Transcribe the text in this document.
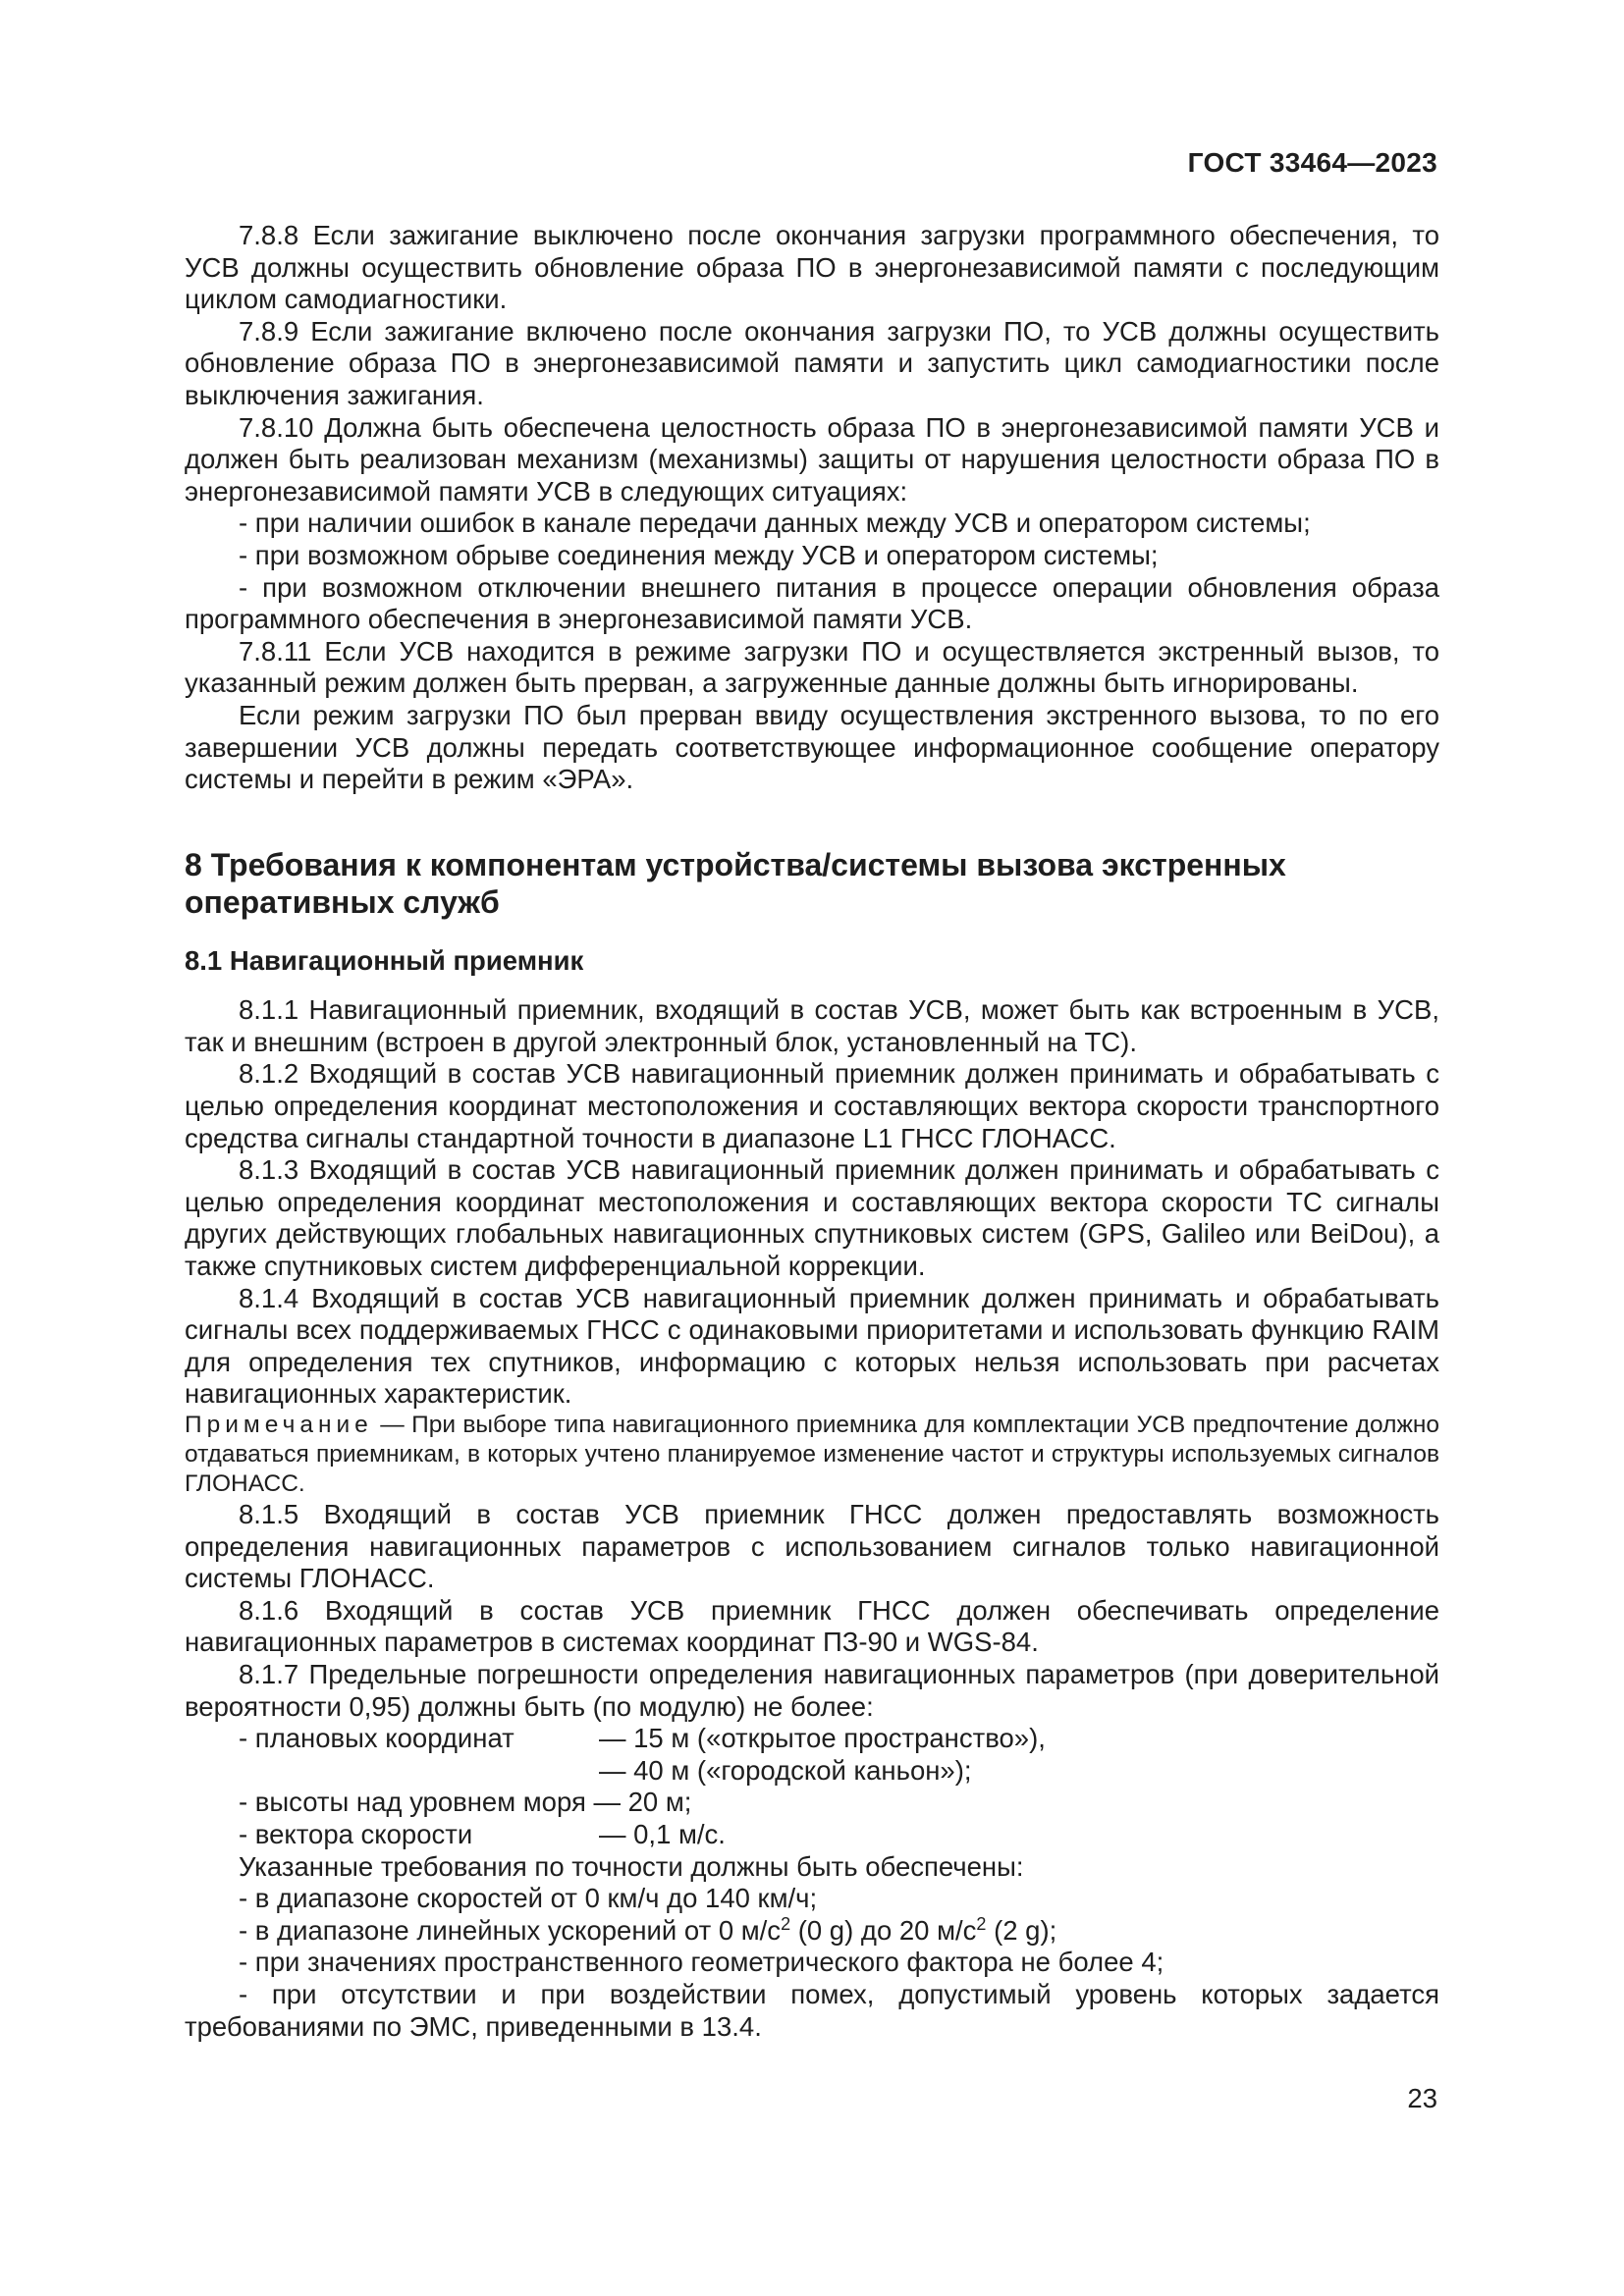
ГОСТ 33464—2023

7.8.8 Если зажигание выключено после окончания загрузки программного обеспечения, то УСВ должны осуществить обновление образа ПО в энергонезависимой памяти с последующим циклом самодиагностики.

7.8.9 Если зажигание включено после окончания загрузки ПО, то УСВ должны осуществить обновление образа ПО в энергонезависимой памяти и запустить цикл самодиагностики после выключения зажигания.

7.8.10 Должна быть обеспечена целостность образа ПО в энергонезависимой памяти УСВ и должен быть реализован механизм (механизмы) защиты от нарушения целостности образа ПО в энергонезависимой памяти УСВ в следующих ситуациях:

- при наличии ошибок в канале передачи данных между УСВ и оператором системы;

- при возможном обрыве соединения между УСВ и оператором системы;

- при возможном отключении внешнего питания в процессе операции обновления образа программного обеспечения в энергонезависимой памяти УСВ.

7.8.11 Если УСВ находится в режиме загрузки ПО и осуществляется экстренный вызов, то указанный режим должен быть прерван, а загруженные данные должны быть игнорированы.

Если режим загрузки ПО был прерван ввиду осуществления экстренного вызова, то по его завершении УСВ должны передать соответствующее информационное сообщение оператору системы и перейти в режим «ЭРА».

8 Требования к компонентам устройства/системы вызова экстренных оперативных служб
8.1 Навигационный приемник

8.1.1 Навигационный приемник, входящий в состав УСВ, может быть как встроенным в УСВ, так и внешним (встроен в другой электронный блок, установленный на ТС).

8.1.2 Входящий в состав УСВ навигационный приемник должен принимать и обрабатывать с целью определения координат местоположения и составляющих вектора скорости транспортного средства сигналы стандартной точности в диапазоне L1 ГНСС ГЛОНАСС.

8.1.3 Входящий в состав УСВ навигационный приемник должен принимать и обрабатывать с целью определения координат местоположения и составляющих вектора скорости ТС сигналы других действующих глобальных навигационных спутниковых систем (GPS, Galileo или BeiDou), а также спутниковых систем дифференциальной коррекции.

8.1.4 Входящий в состав УСВ навигационный приемник должен принимать и обрабатывать сигналы всех поддерживаемых ГНСС с одинаковыми приоритетами и использовать функцию RAIM для определения тех спутников, информацию с которых нельзя использовать при расчетах навигационных характеристик.

Примечание — При выборе типа навигационного приемника для комплектации УСВ предпочтение должно отдаваться приемникам, в которых учтено планируемое изменение частот и структуры используемых сигналов ГЛОНАСС.

8.1.5 Входящий в состав УСВ приемник ГНСС должен предоставлять возможность определения навигационных параметров с использованием сигналов только навигационной системы ГЛОНАСС.

8.1.6 Входящий в состав УСВ приемник ГНСС должен обеспечивать определение навигационных параметров в системах координат ПЗ-90 и WGS-84.

8.1.7 Предельные погрешности определения навигационных параметров (при доверительной вероятности 0,95) должны быть (по модулю) не более:

- плановых координат	— 15 м («открытое пространство»),
— 40 м («городской каньон»);
- высоты над уровнем моря — 20 м;
- вектора скорости	— 0,1 м/с.

Указанные требования по точности должны быть обеспечены:

- в диапазоне скоростей от 0 км/ч до 140 км/ч;

- в диапазоне линейных ускорений от 0 $м/с^2$ (0 g) до 20 $м/с^2$ (2 g);

- при значениях пространственного геометрического фактора не более 4;

- при отсутствии и при воздействии помех, допустимый уровень которых задается требованиями по ЭМС, приведенными в 13.4.

23
